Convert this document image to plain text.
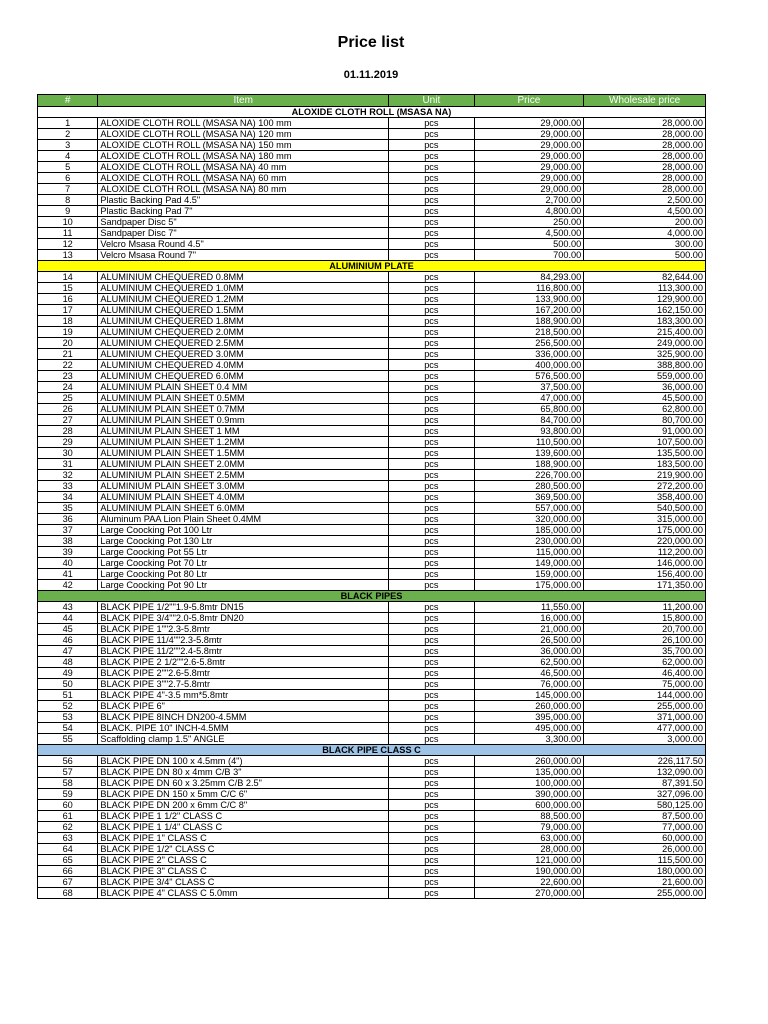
Price list
01.11.2019
#	Item	Unit	Price	Wholesale price
ALOXIDE CLOTH ROLL (MSASA NA)				
1	ALOXIDE CLOTH ROLL (MSASA NA) 100 mm	pcs	29,000.00	28,000.00
2	ALOXIDE CLOTH ROLL (MSASA NA) 120 mm	pcs	29,000.00	28,000.00
3	ALOXIDE CLOTH ROLL (MSASA NA) 150 mm	pcs	29,000.00	28,000.00
4	ALOXIDE CLOTH ROLL (MSASA NA) 180 mm	pcs	29,000.00	28,000.00
5	ALOXIDE CLOTH ROLL (MSASA NA) 40 mm	pcs	29,000.00	28,000.00
6	ALOXIDE CLOTH ROLL (MSASA NA) 60 mm	pcs	29,000.00	28,000.00
7	ALOXIDE CLOTH ROLL (MSASA NA) 80 mm	pcs	29,000.00	28,000.00
8	Plastic Backing Pad 4.5"	pcs	2,700.00	2,500.00
9	Plastic Backing Pad 7"	pcs	4,800.00	4,500.00
10	Sandpaper Disc 5"	pcs	250.00	200.00
11	Sandpaper Disc 7"	pcs	4,500.00	4,000.00
12	Velcro Msasa Round 4.5"	pcs	500.00	300.00
13	Velcro Msasa Round 7"	pcs	700.00	500.00
ALUMINIUM PLATE				
14	ALUMINIUM CHEQUERED 0.8MM	pcs	84,293.00	82,644.00
15	ALUMINIUM CHEQUERED 1.0MM	pcs	116,800.00	113,300.00
16	ALUMINIUM CHEQUERED 1.2MM	pcs	133,900.00	129,900.00
17	ALUMINIUM CHEQUERED 1.5MM	pcs	167,200.00	162,150.00
18	ALUMINIUM CHEQUERED 1.8MM	pcs	188,900.00	183,300.00
19	ALUMINIUM CHEQUERED 2.0MM	pcs	218,500.00	215,400.00
20	ALUMINIUM CHEQUERED 2.5MM	pcs	256,500.00	249,000.00
21	ALUMINIUM CHEQUERED 3.0MM	pcs	336,000.00	325,900.00
22	ALUMINIUM CHEQUERED 4.0MM	pcs	400,000.00	388,800.00
23	ALUMINIUM CHEQUERED 6.0MM	pcs	576,500.00	559,000.00
24	ALUMINIUM PLAIN SHEET 0.4 MM	pcs	37,500.00	36,000.00
25	ALUMINIUM PLAIN SHEET 0.5MM	pcs	47,000.00	45,500.00
26	ALUMINIUM PLAIN SHEET 0.7MM	pcs	65,800.00	62,800.00
27	ALUMINIUM PLAIN SHEET 0.9mm	pcs	84,700.00	80,700.00
28	ALUMINIUM PLAIN SHEET 1 MM	pcs	93,800.00	91,000.00
29	ALUMINIUM PLAIN SHEET 1.2MM	pcs	110,500.00	107,500.00
30	ALUMINIUM PLAIN SHEET 1.5MM	pcs	139,600.00	135,500.00
31	ALUMINIUM PLAIN SHEET 2.0MM	pcs	188,900.00	183,500.00
32	ALUMINIUM PLAIN SHEET 2.5MM	pcs	226,700.00	219,900.00
33	ALUMINIUM PLAIN SHEET 3.0MM	pcs	280,500.00	272,200.00
34	ALUMINIUM PLAIN SHEET 4.0MM	pcs	369,500.00	358,400.00
35	ALUMINIUM PLAIN SHEET 6.0MM	pcs	557,000.00	540,500.00
36	Aluminum PAA Lion Plain Sheet 0.4MM	pcs	320,000.00	315,000.00
37	Large Coocking Pot 100 Ltr	pcs	185,000.00	175,000.00
38	Large Coocking Pot 130 Ltr	pcs	230,000.00	220,000.00
39	Large Coocking Pot 55 Ltr	pcs	115,000.00	112,200.00
40	Large Coocking Pot 70 Ltr	pcs	149,000.00	146,000.00
41	Large Coocking Pot 80 Ltr	pcs	159,000.00	156,400.00
42	Large Coocking Pot 90 Ltr	pcs	175,000.00	171,350.00
BLACK PIPES				
43	BLACK PIPE 1/2""1.9-5.8mtr DN15	pcs	11,550.00	11,200.00
44	BLACK PIPE 3/4""2.0-5.8mtr DN20	pcs	16,000.00	15,800.00
45	BLACK PIPE 1""2.3-5.8mtr	pcs	21,000.00	20,700.00
46	BLACK PIPE 11/4""2.3-5.8mtr	pcs	26,500.00	26,100.00
47	BLACK PIPE 11/2""2.4-5.8mtr	pcs	36,000.00	35,700.00
48	BLACK PIPE 2 1/2""2.6-5.8mtr	pcs	62,500.00	62,000.00
49	BLACK PIPE 2""2.6-5.8mtr	pcs	46,500.00	46,400.00
50	BLACK PIPE 3""2.7-5.8mtr	pcs	76,000.00	75,000.00
51	BLACK PIPE 4"-3.5 mm*5.8mtr	pcs	145,000.00	144,000.00
52	BLACK PIPE 6"	pcs	260,000.00	255,000.00
53	BLACK PIPE 8INCH DN200-4.5MM	pcs	395,000.00	371,000.00
54	BLACK. PIPE 10" INCH-4.5MM	pcs	495,000.00	477,000.00
55	Scaffolding clamp 1.5" ANGLE	pcs	3,300.00	3,000.00
BLACK PIPE CLASS C				
56	BLACK PIPE DN 100 x 4.5mm (4")	pcs	260,000.00	226,117.50
57	BLACK PIPE DN 80 x 4mm C/B 3"	pcs	135,000.00	132,090.00
58	BLACK PIPE DN 60 x 3.25mm C/B 2.5"	pcs	100,000.00	87,391.50
59	BLACK PIPE DN 150 x 5mm C/C 6"	pcs	390,000.00	327,096.00
60	BLACK PIPE DN 200 x 6mm C/C 8"	pcs	600,000.00	580,125.00
61	BLACK PIPE 1 1/2" CLASS C	pcs	88,500.00	87,500.00
62	BLACK PIPE 1 1/4" CLASS C	pcs	79,000.00	77,000.00
63	BLACK PIPE 1" CLASS C	pcs	63,000.00	60,000.00
64	BLACK PIPE 1/2" CLASS C	pcs	28,000.00	26,000.00
65	BLACK PIPE 2" CLASS C	pcs	121,000.00	115,500.00
66	BLACK PIPE 3" CLASS C	pcs	190,000.00	180,000.00
67	BLACK PIPE 3/4" CLASS C	pcs	22,600.00	21,600.00
68	BLACK PIPE 4" CLASS C 5.0mm	pcs	270,000.00	255,000.00
